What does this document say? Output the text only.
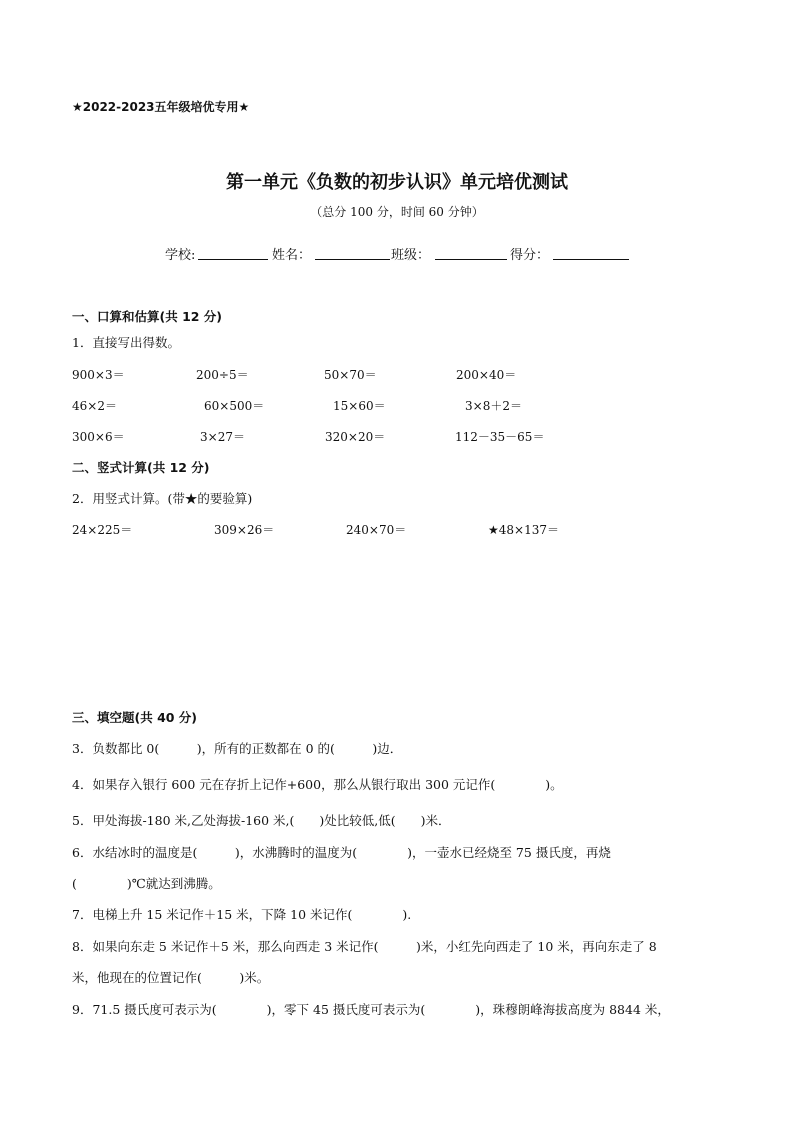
★2022-2023五年级培优专用★
第一单元《负数的初步认识》单元培优测试
（总分 100 分，时间 60 分钟）
学校:	姓名：	班级：	得分：
一、口算和估算(共 12 分)
1．直接写出得数。
900×3＝	200÷5＝	50×70＝	200×40＝
46×2＝	60×500＝	15×60＝	3×8＋2＝
300×6＝	3×27＝	320×20＝	112－35－65＝
二、竖式计算(共 12 分)
2．用竖式计算。(带★的要验算)
24×225＝	309×26＝	240×70＝	★48×137＝
三、填空题(共 40 分)
3．负数都比 0(　　　)，所有的正数都在 0 的(　　　)边．
4．如果存入银行 600 元在存折上记作+600，那么从银行取出 300 元记作(　　　　)。
5．甲处海拔-180 米,乙处海拔-160 米,(　　)处比较低,低(　　)米．
6．水结冰时的温度是(　　　)，水沸腾时的温度为(　　　　)，一壶水已经烧至 75 摄氏度，再烧
(　　　　)℃就达到沸腾。
7．电梯上升 15 米记作＋15 米，下降 10 米记作(　　　　).
8．如果向东走 5 米记作＋5 米，那么向西走 3 米记作(　　　)米，小红先向西走了 10 米，再向东走了 8
米，他现在的位置记作(　　　)米。
9．71.5 摄氏度可表示为(　　　　)，零下 45 摄氏度可表示为(　　　　)，珠穆朗峰海拔高度为 8844 米，
